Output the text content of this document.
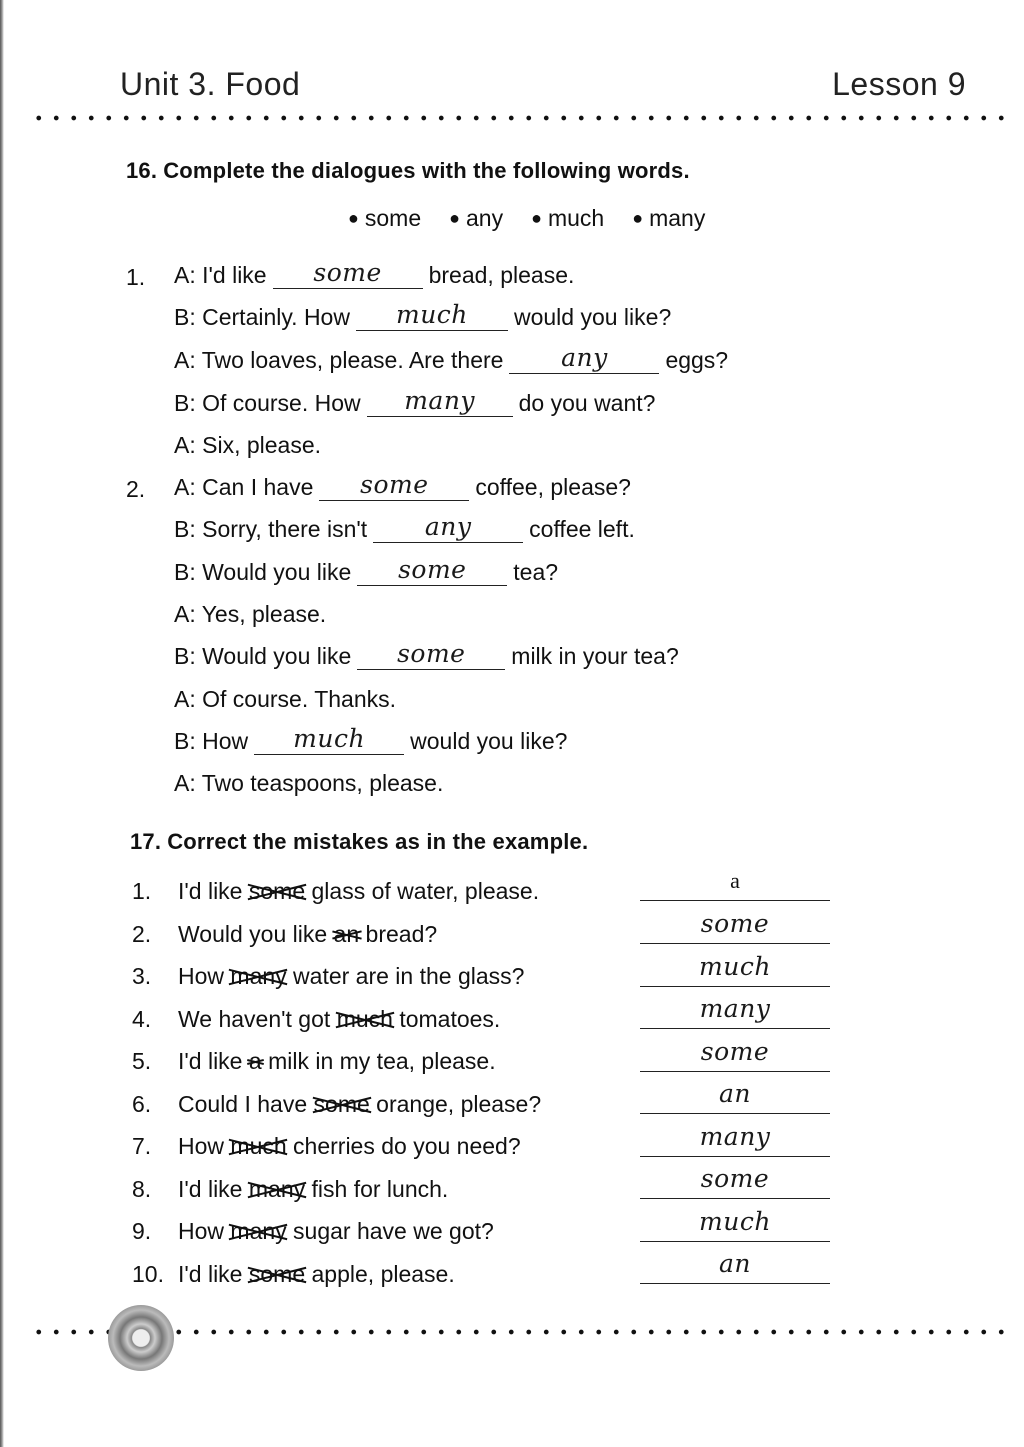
Unit 3. Food	Lesson 9
16. Complete the dialogues with the following words.
● some ● any ● much ● many
1. A: I'd like some bread, please.
B: Certainly. How much would you like?
A: Two loaves, please. Are there any	eggs?
B: Of course. How many do you want?
A: Six, please.
2. A: Can I have some coffee, please?
B: Sorry, there isn't any	coffee left.
B: Would you like some tea?
A: Yes, please.
B: Would you like some milk in your tea?
A: Of course. Thanks.
B: How much would you like?
A: Two teaspoons, please.
17. Correct the mistakes as in the example.
1. I'd like some glass of water, please.	a
2. Would you like an bread?	some
3. How many water are in the glass?	much
4. We haven't got much tomatoes.	many
5. I'd like a milk in my tea, please.	some
6. Could I have some orange, please?	an
7. How much cherries do you need?	many
8. I'd like many fish for lunch.	some
9. How many sugar have we got?	much
10. I'd like some apple, please.	an
